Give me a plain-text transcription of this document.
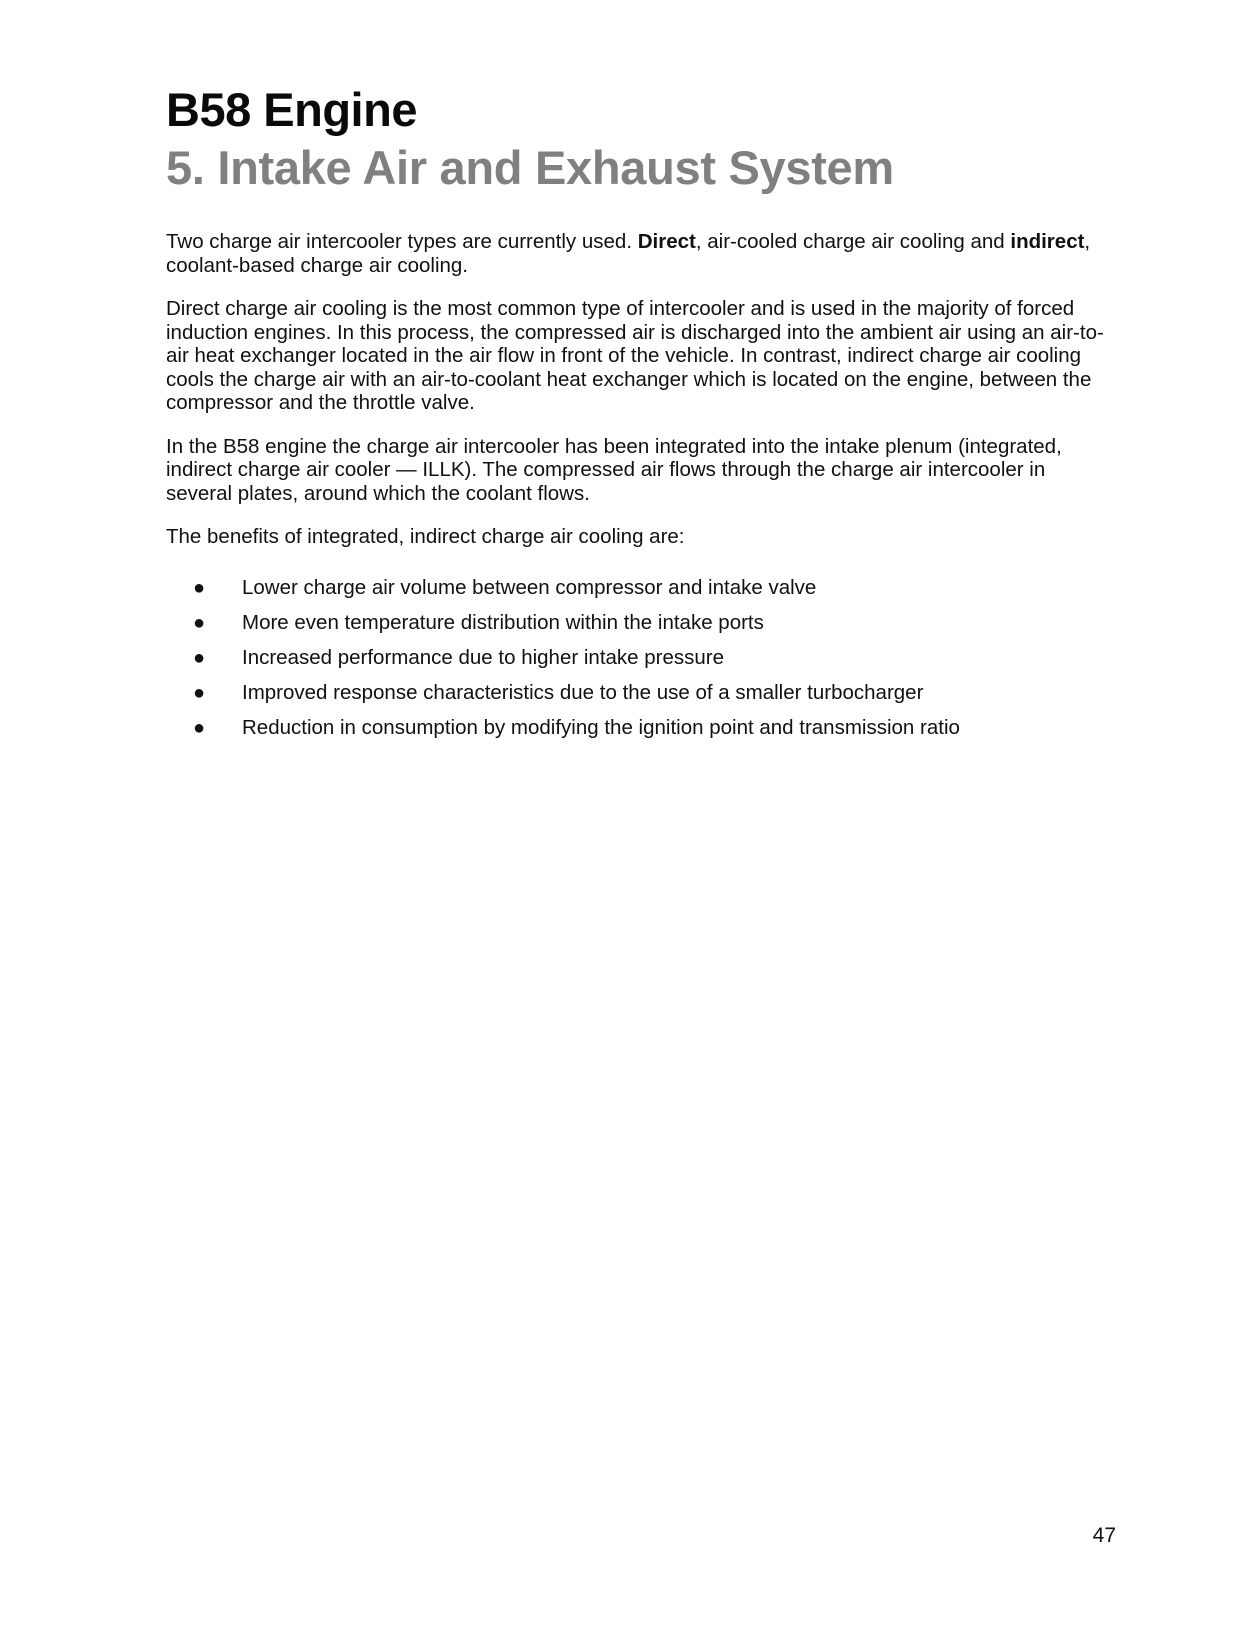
B58 Engine
5. Intake Air and Exhaust System

Two charge air intercooler types are currently used. Direct, air-cooled charge air cooling and indirect, coolant-based charge air cooling.

Direct charge air cooling is the most common type of intercooler and is used in the majority of forced induction engines. In this process, the compressed air is discharged into the ambient air using an air-to-air heat exchanger located in the air flow in front of the vehicle. In contrast, indirect charge air cooling cools the charge air with an air-to-coolant heat exchanger which is located on the engine, between the compressor and the throttle valve.

In the B58 engine the charge air intercooler has been integrated into the intake plenum (integrated, indirect charge air cooler — ILLK). The compressed air flows through the charge air intercooler in several plates, around which the coolant flows.

The benefits of integrated, indirect charge air cooling are:

● Lower charge air volume between compressor and intake valve
● More even temperature distribution within the intake ports
● Increased performance due to higher intake pressure
● Improved response characteristics due to the use of a smaller turbocharger
● Reduction in consumption by modifying the ignition point and transmission ratio
47
